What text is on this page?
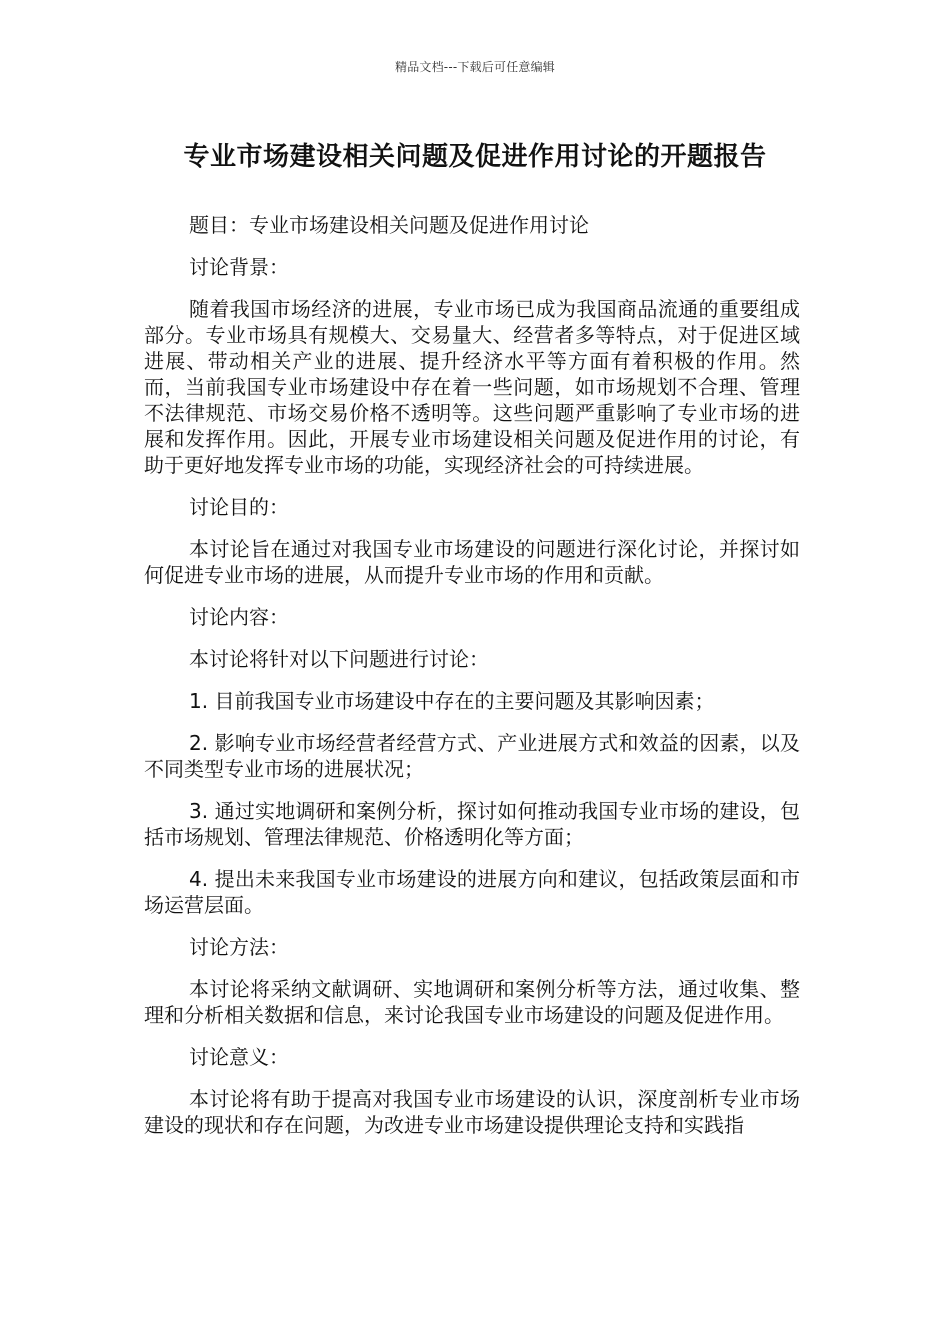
精品文档---下载后可任意编辑
专业市场建设相关问题及促进作用讨论的开题报告

题目：专业市场建设相关问题及促进作用讨论

讨论背景：

随着我国市场经济的进展，专业市场已成为我国商品流通的重要组成部分。专业市场具有规模大、交易量大、经营者多等特点，对于促进区域进展、带动相关产业的进展、提升经济水平等方面有着积极的作用。然而，当前我国专业市场建设中存在着一些问题，如市场规划不合理、管理不法律规范、市场交易价格不透明等。这些问题严重影响了专业市场的进展和发挥作用。因此，开展专业市场建设相关问题及促进作用的讨论，有助于更好地发挥专业市场的功能，实现经济社会的可持续进展。

讨论目的：

本讨论旨在通过对我国专业市场建设的问题进行深化讨论，并探讨如何促进专业市场的进展，从而提升专业市场的作用和贡献。

讨论内容：

本讨论将针对以下问题进行讨论：

1. 目前我国专业市场建设中存在的主要问题及其影响因素；

2. 影响专业市场经营者经营方式、产业进展方式和效益的因素，以及不同类型专业市场的进展状况；

3. 通过实地调研和案例分析，探讨如何推动我国专业市场的建设，包括市场规划、管理法律规范、价格透明化等方面；

4. 提出未来我国专业市场建设的进展方向和建议，包括政策层面和市场运营层面。

讨论方法：

本讨论将采纳文献调研、实地调研和案例分析等方法，通过收集、整理和分析相关数据和信息，来讨论我国专业市场建设的问题及促进作用。

讨论意义：

本讨论将有助于提高对我国专业市场建设的认识，深度剖析专业市场建设的现状和存在问题，为改进专业市场建设提供理论支持和实践指
